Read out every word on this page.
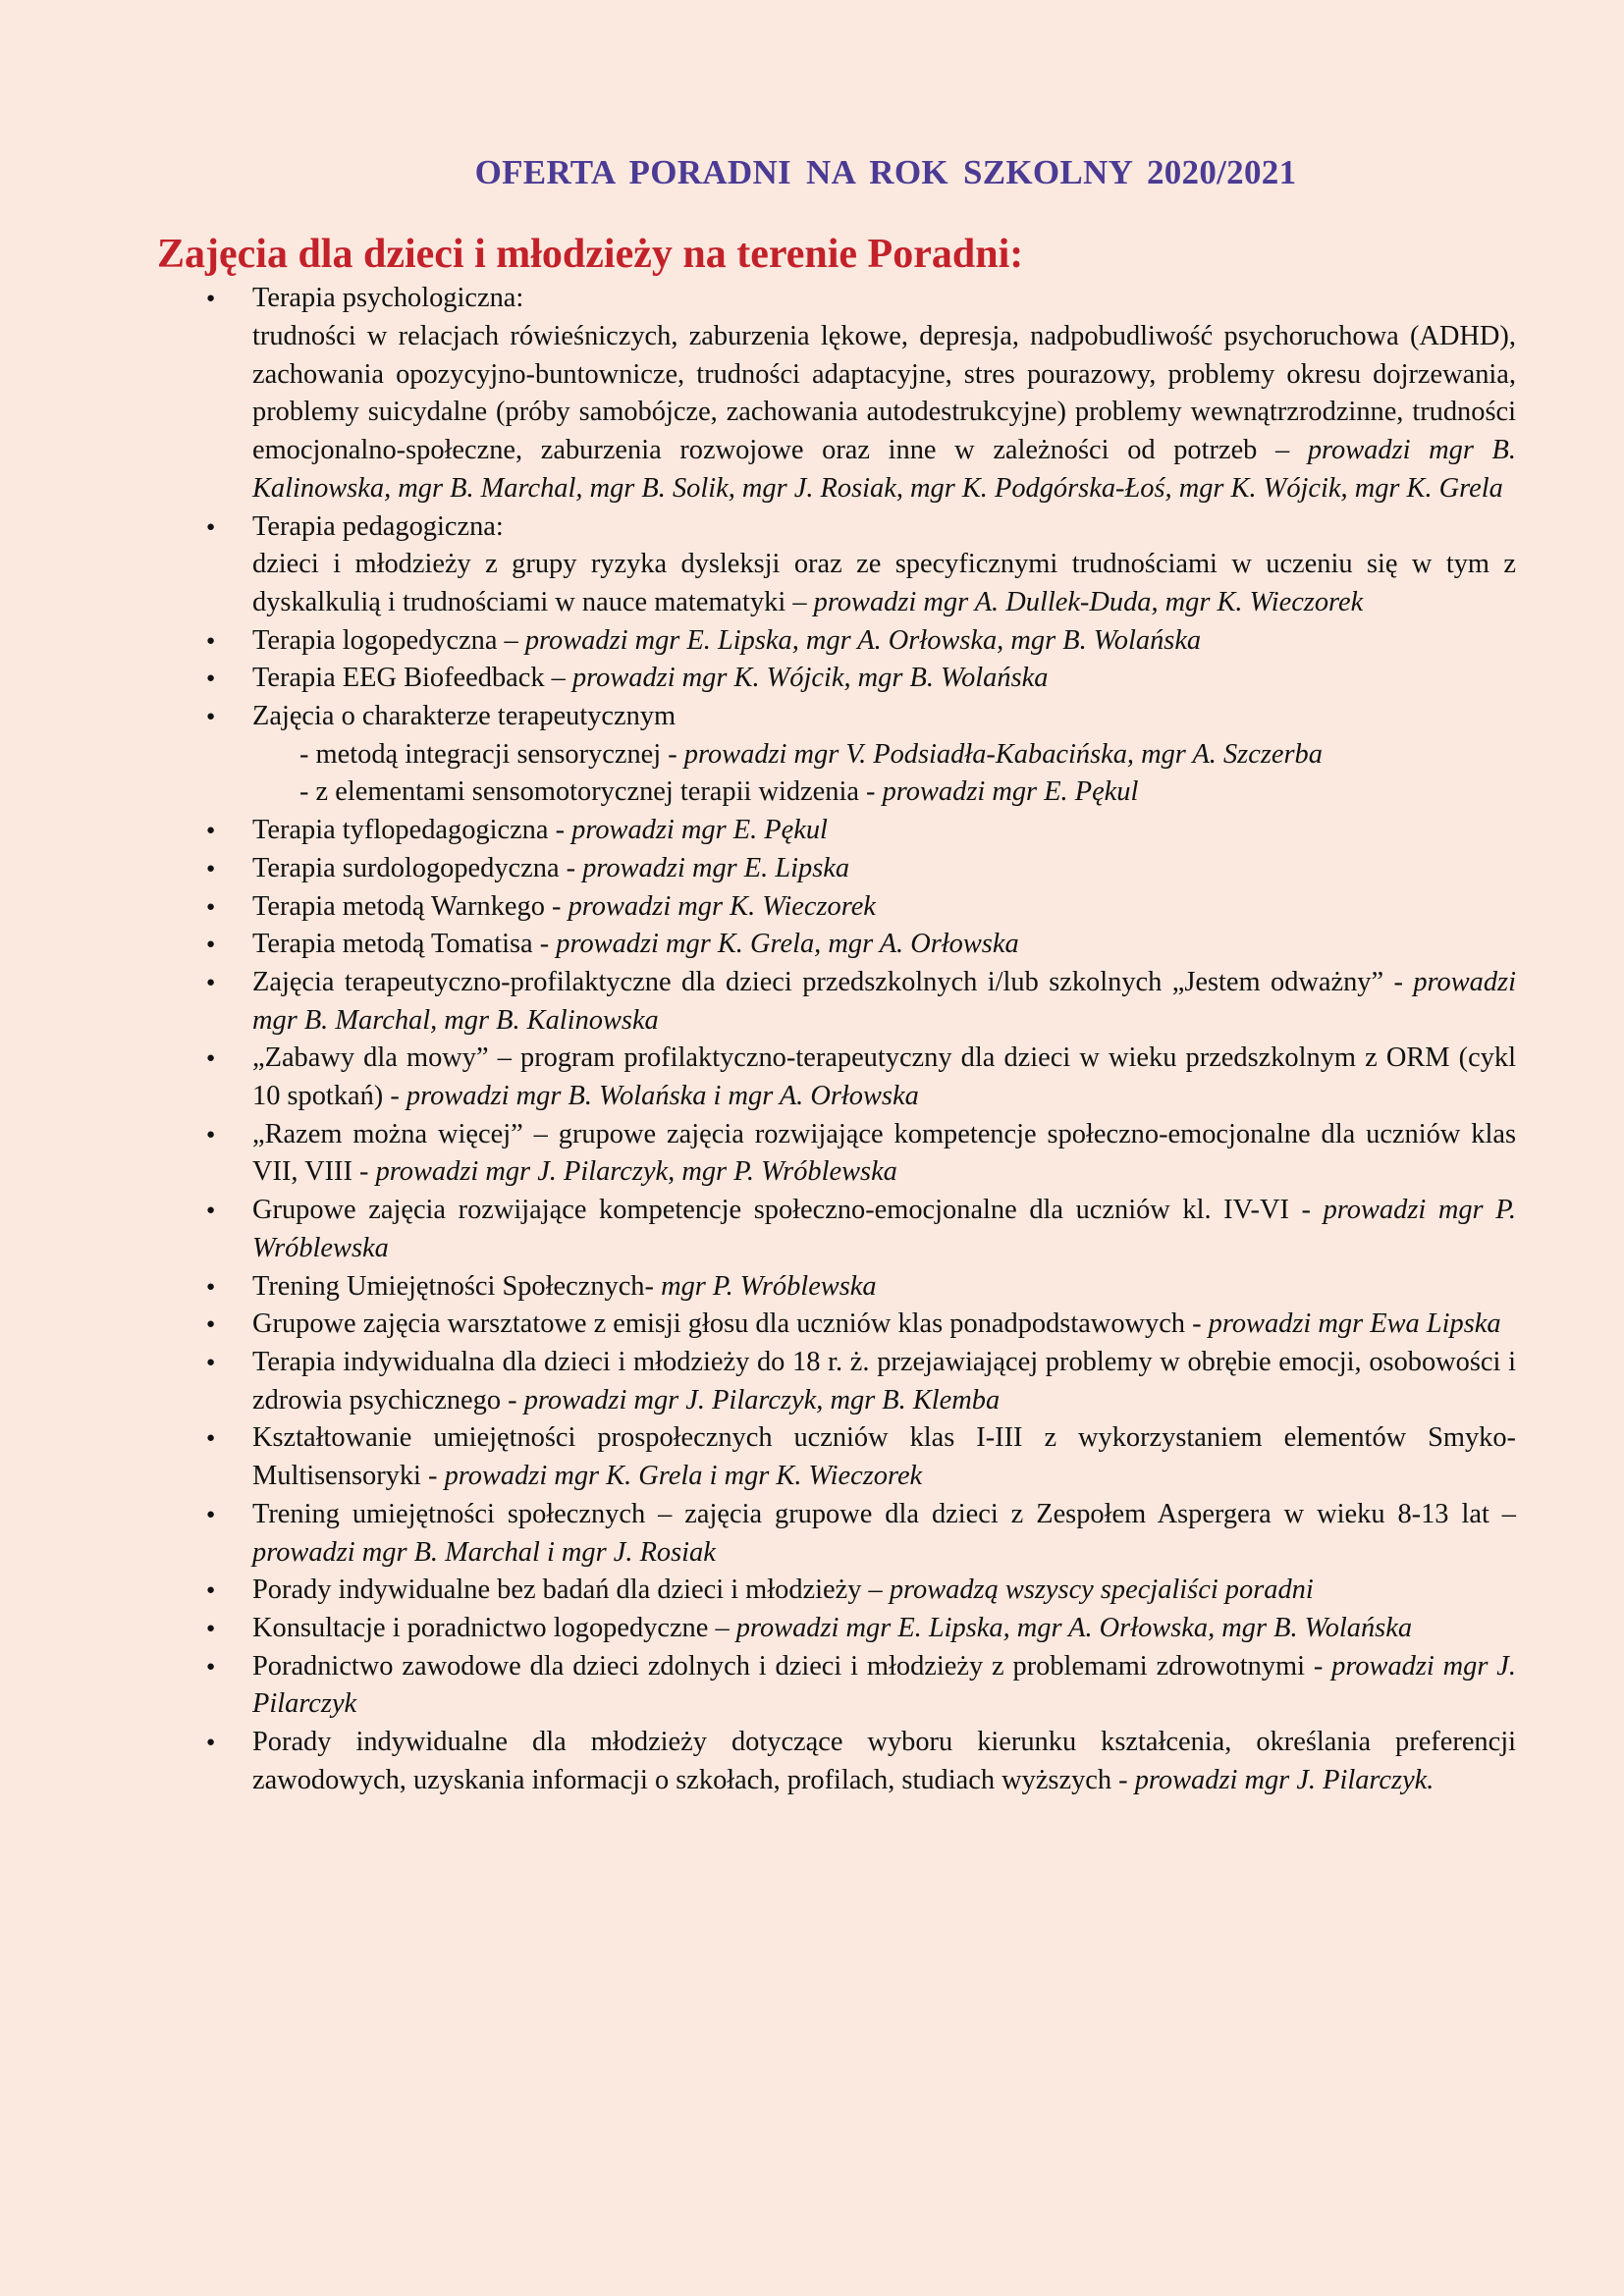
OFERTA PORADNI NA ROK SZKOLNY 2020/2021
Zajęcia dla dzieci i młodzieży na terenie Poradni:
● Terapia psychologiczna:
trudności w relacjach rówieśniczych, zaburzenia lękowe, depresja, nadpobudliwość psychoruchowa (ADHD), zachowania opozycyjno-buntownicze, trudności adaptacyjne, stres pourazowy, problemy okresu dojrzewania, problemy suicydalne (próby samobójcze, zachowania autodestrukcyjne) problemy wewnątrzrodzinne, trudności emocjonalno-społeczne, zaburzenia rozwojowe oraz inne w zależności od potrzeb – prowadzi mgr B. Kalinowska, mgr B. Marchal, mgr B. Solik, mgr J. Rosiak, mgr K. Podgórska-Łoś, mgr K. Wójcik, mgr K. Grela
● Terapia pedagogiczna:
dzieci i młodzieży z grupy ryzyka dysleksji oraz ze specyficznymi trudnościami w uczeniu się w tym z dyskalkulią i trudnościami w nauce matematyki – prowadzi mgr A. Dullek-Duda, mgr K. Wieczorek
● Terapia logopedyczna – prowadzi mgr E. Lipska, mgr A. Orłowska, mgr B. Wolańska
● Terapia EEG Biofeedback – prowadzi mgr K. Wójcik, mgr B. Wolańska
● Zajęcia o charakterze terapeutycznym
- metodą integracji sensorycznej - prowadzi mgr V. Podsiadła-Kabacińska, mgr A. Szczerba
- z elementami sensomotorycznej terapii widzenia - prowadzi mgr E. Pękul
● Terapia tyflopedagogiczna - prowadzi mgr E. Pękul
● Terapia surdologopedyczna - prowadzi mgr E. Lipska
● Terapia metodą Warnkego - prowadzi mgr K. Wieczorek
● Terapia metodą Tomatisa - prowadzi mgr K. Grela, mgr A. Orłowska
● Zajęcia terapeutyczno-profilaktyczne dla dzieci przedszkolnych i/lub szkolnych „Jestem odważny” - prowadzi mgr B. Marchal, mgr B. Kalinowska
● „Zabawy dla mowy” – program profilaktyczno-terapeutyczny dla dzieci w wieku przedszkolnym z ORM (cykl 10 spotkań) - prowadzi mgr B. Wolańska i mgr A. Orłowska
● „Razem można więcej” – grupowe zajęcia rozwijające kompetencje społeczno-emocjonalne dla uczniów klas VII, VIII - prowadzi mgr J. Pilarczyk, mgr P. Wróblewska
● Grupowe zajęcia rozwijające kompetencje społeczno-emocjonalne dla uczniów kl. IV-VI - prowadzi mgr P. Wróblewska
● Trening Umiejętności Społecznych- mgr P. Wróblewska
● Grupowe zajęcia warsztatowe z emisji głosu dla uczniów klas ponadpodstawowych - prowadzi mgr Ewa Lipska
● Terapia indywidualna dla dzieci i młodzieży do 18 r. ż. przejawiającej problemy w obrębie emocji, osobowości i zdrowia psychicznego - prowadzi mgr J. Pilarczyk, mgr B. Klemba
● Kształtowanie umiejętności prospołecznych uczniów klas I-III z wykorzystaniem elementów Smyko-Multisensoryki - prowadzi mgr K. Grela i mgr K. Wieczorek
● Trening umiejętności społecznych – zajęcia grupowe dla dzieci z Zespołem Aspergera w wieku 8-13 lat – prowadzi mgr B. Marchal i mgr J. Rosiak
● Porady indywidualne bez badań dla dzieci i młodzieży – prowadzą wszyscy specjaliści poradni
● Konsultacje i poradnictwo logopedyczne – prowadzi mgr E. Lipska, mgr A. Orłowska, mgr B. Wolańska
● Poradnictwo zawodowe dla dzieci zdolnych i dzieci i młodzieży z problemami zdrowotnymi - prowadzi mgr J. Pilarczyk
● Porady indywidualne dla młodzieży dotyczące wyboru kierunku kształcenia, określania preferencji zawodowych, uzyskania informacji o szkołach, profilach, studiach wyższych - prowadzi mgr J. Pilarczyk.
